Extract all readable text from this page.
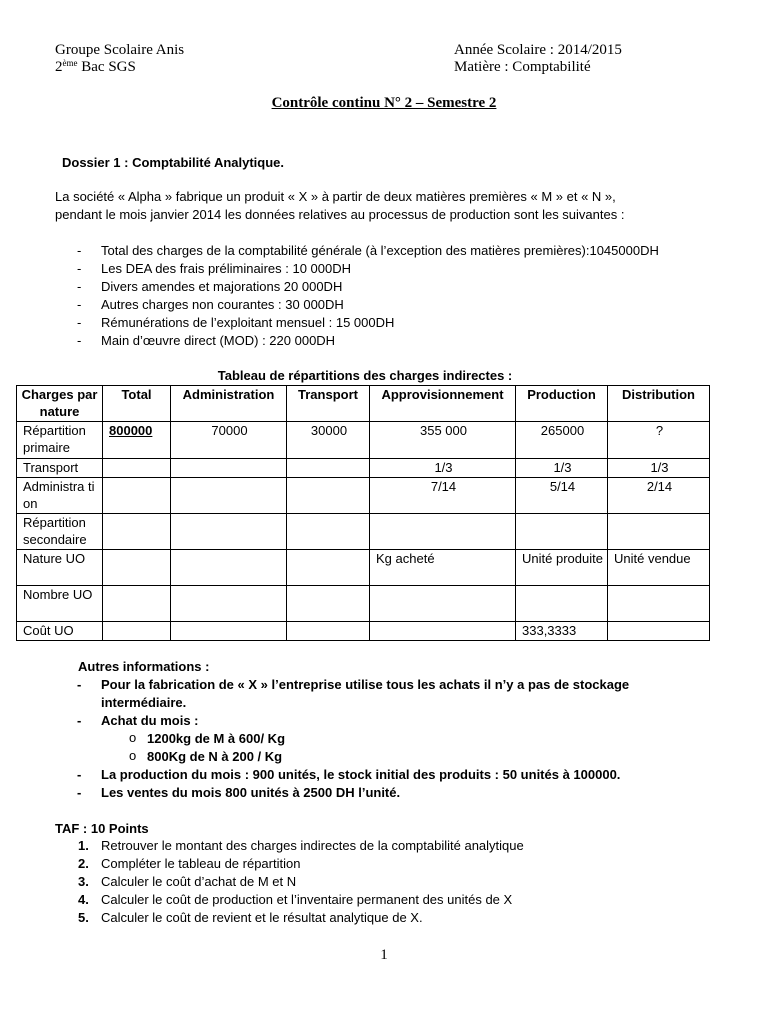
Groupe Scolaire Anis
2ème Bac SGS
Année Scolaire : 2014/2015
Matière : Comptabilité
Contrôle continu N° 2 – Semestre 2
Dossier 1 : Comptabilité Analytique.
La société « Alpha » fabrique un produit « X » à partir de deux matières premières « M » et « N »,
pendant le mois janvier 2014 les données relatives au processus de production sont les suivantes :
- Total des charges de la comptabilité générale (à l’exception des matières premières):1045000DH
- Les DEA des frais préliminaires : 10 000DH
- Divers amendes et majorations 20 000DH
- Autres charges non courantes : 30 000DH
- Rémunérations de l’exploitant mensuel : 15 000DH
- Main d’œuvre direct (MOD) : 220 000DH
Tableau de répartitions des charges indirectes :
Charges par nature	Total	Administration	Transport	Approvisionnement	Production	Distribution
Répartition primaire	800000	70000	30000	355 000	265000	?
Transport				1/3	1/3	1/3
Administra tion				7/14	5/14	2/14
Répartition secondaire						
Nature UO				Kg acheté	Unité produite	Unité vendue
Nombre UO						
Coût UO					333,3333	
Autres informations :
- Pour la fabrication de « X » l’entreprise utilise tous les achats il n’y a pas de stockage
intermédiaire.
- Achat du mois :
o 1200kg de M à 600/ Kg
o 800Kg de N à 200 / Kg
- La production du mois : 900 unités, le stock initial des produits : 50 unités à 100000.
- Les ventes du mois 800 unités à 2500 DH l’unité.
TAF : 10 Points
1. Retrouver le montant des charges indirectes de la comptabilité analytique
2. Compléter le tableau de répartition
3. Calculer le coût d’achat de M et N
4. Calculer le coût de production et l’inventaire permanent des unités de X
5. Calculer le coût de revient et le résultat analytique de X.
1
